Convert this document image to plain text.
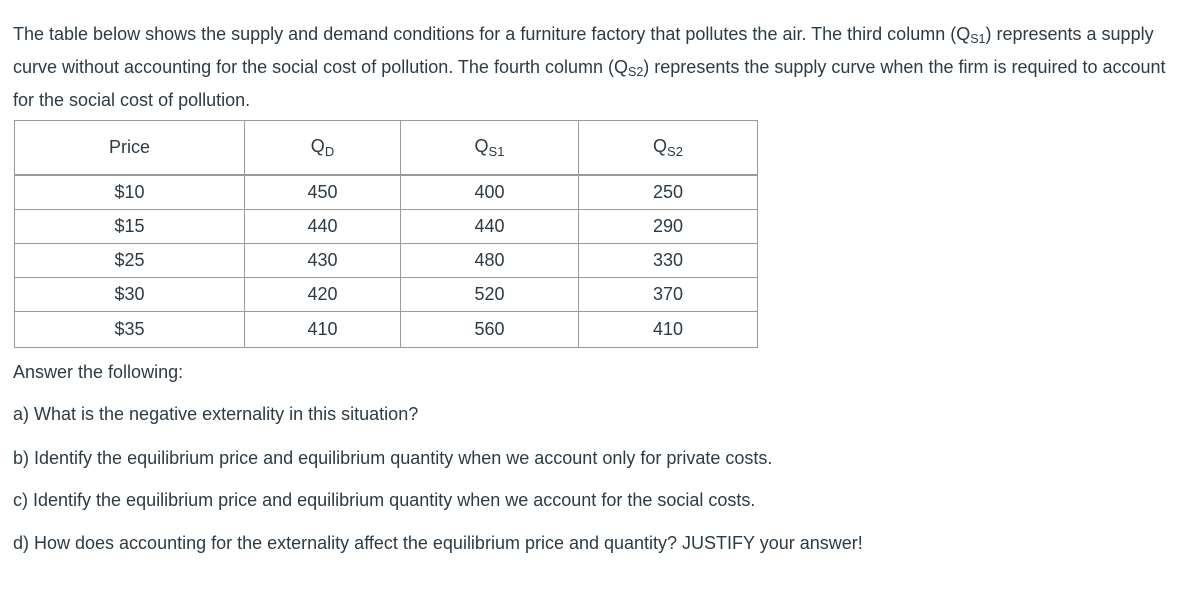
The table below shows the supply and demand conditions for a furniture factory that pollutes the air. The third column $(Q_{S1})$ represents a supply curve without accounting for the social cost of pollution. The fourth column $(Q_{S2})$ represents the supply curve when the firm is required to account for the social cost of pollution.

Price	$Q_D$	$Q_{S1}$	$Q_{S2}$
$10	450	400	250
$15	440	440	290
$25	430	480	330
$30	420	520	370
$35	410	560	410

Answer the following:

a) What is the negative externality in this situation?

b) Identify the equilibrium price and equilibrium quantity when we account only for private costs.

c) Identify the equilibrium price and equilibrium quantity when we account for the social costs.

d) How does accounting for the externality affect the equilibrium price and quantity? JUSTIFY your answer!
